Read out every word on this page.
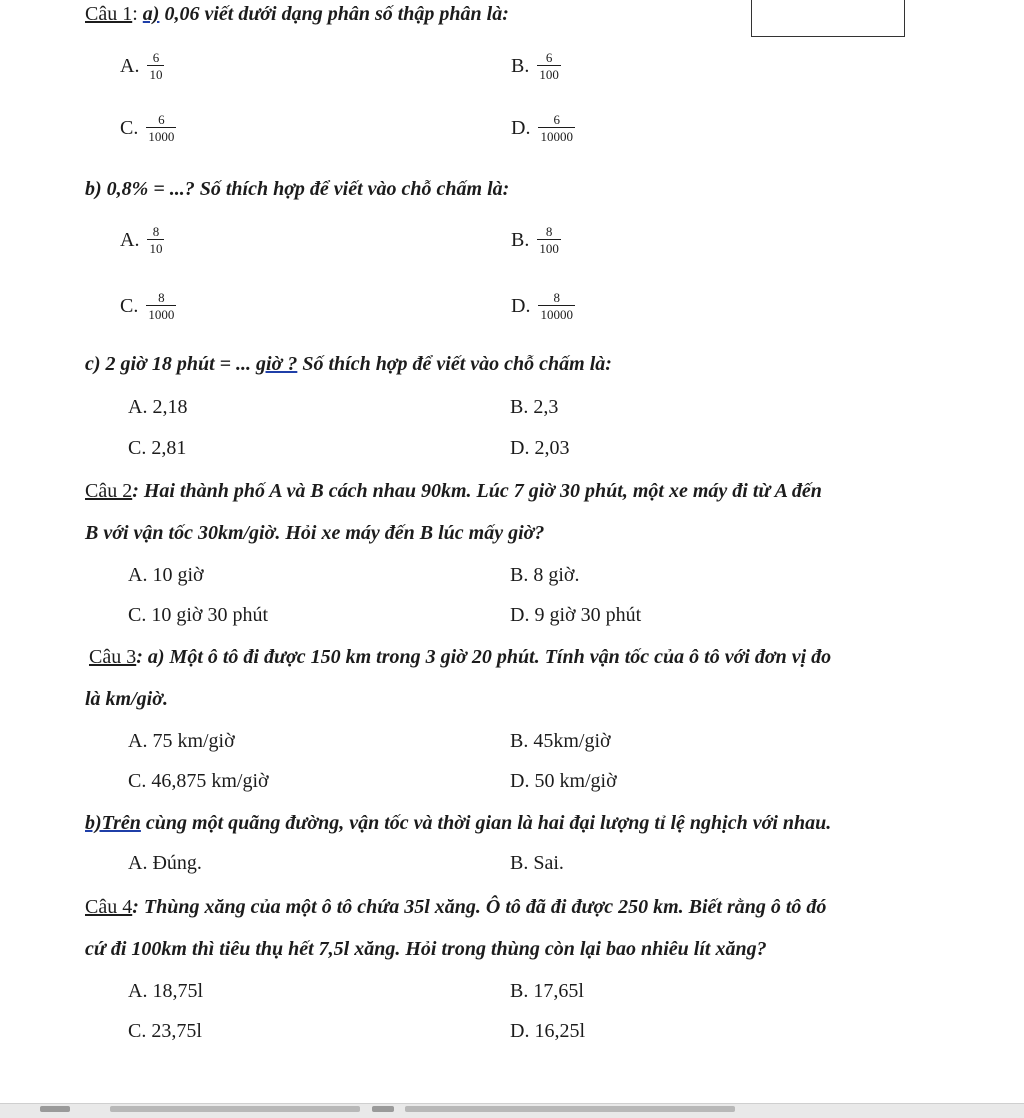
Câu 1: a) 0,06 viết dưới dạng phân số thập phân là:
A. $\frac{6}{10}$	B. $\frac{6}{100}$
C. $\frac{6}{1000}$	D. $\frac{6}{10000}$
b) 0,8% = ...? Số thích hợp để viết vào chỗ chấm là:
A. $\frac{8}{10}$	B. $\frac{8}{100}$
C. $\frac{8}{1000}$	D. $\frac{8}{10000}$
c) 2 giờ 18 phút = ... giờ ? Số thích hợp để viết vào chỗ chấm là:
A. 2,18	B. 2,3
C. 2,81	D. 2,03
Câu 2: Hai thành phố A và B cách nhau 90km. Lúc 7 giờ 30 phút, một xe máy đi từ A đến
B với vận tốc 30km/giờ. Hỏi xe máy đến B lúc mấy giờ?
A. 10 giờ	B. 8 giờ.
C. 10 giờ 30 phút	D. 9 giờ 30 phút
Câu 3: a) Một ô tô đi được 150 km trong 3 giờ 20 phút. Tính vận tốc của ô tô với đơn vị đo
là km/giờ.
A. 75 km/giờ	B. 45km/giờ
C. 46,875 km/giờ	D. 50 km/giờ
b)Trên cùng một quãng đường, vận tốc và thời gian là hai đại lượng tỉ lệ nghịch với nhau.
A. Đúng.	B. Sai.
Câu 4: Thùng xăng của một ô tô chứa 35l xăng. Ô tô đã đi được 250 km. Biết rằng ô tô đó
cứ đi 100km thì tiêu thụ hết 7,5l xăng. Hỏi trong thùng còn lại bao nhiêu lít xăng?
A. 18,75l	B. 17,65l
C. 23,75l	D. 16,25l
